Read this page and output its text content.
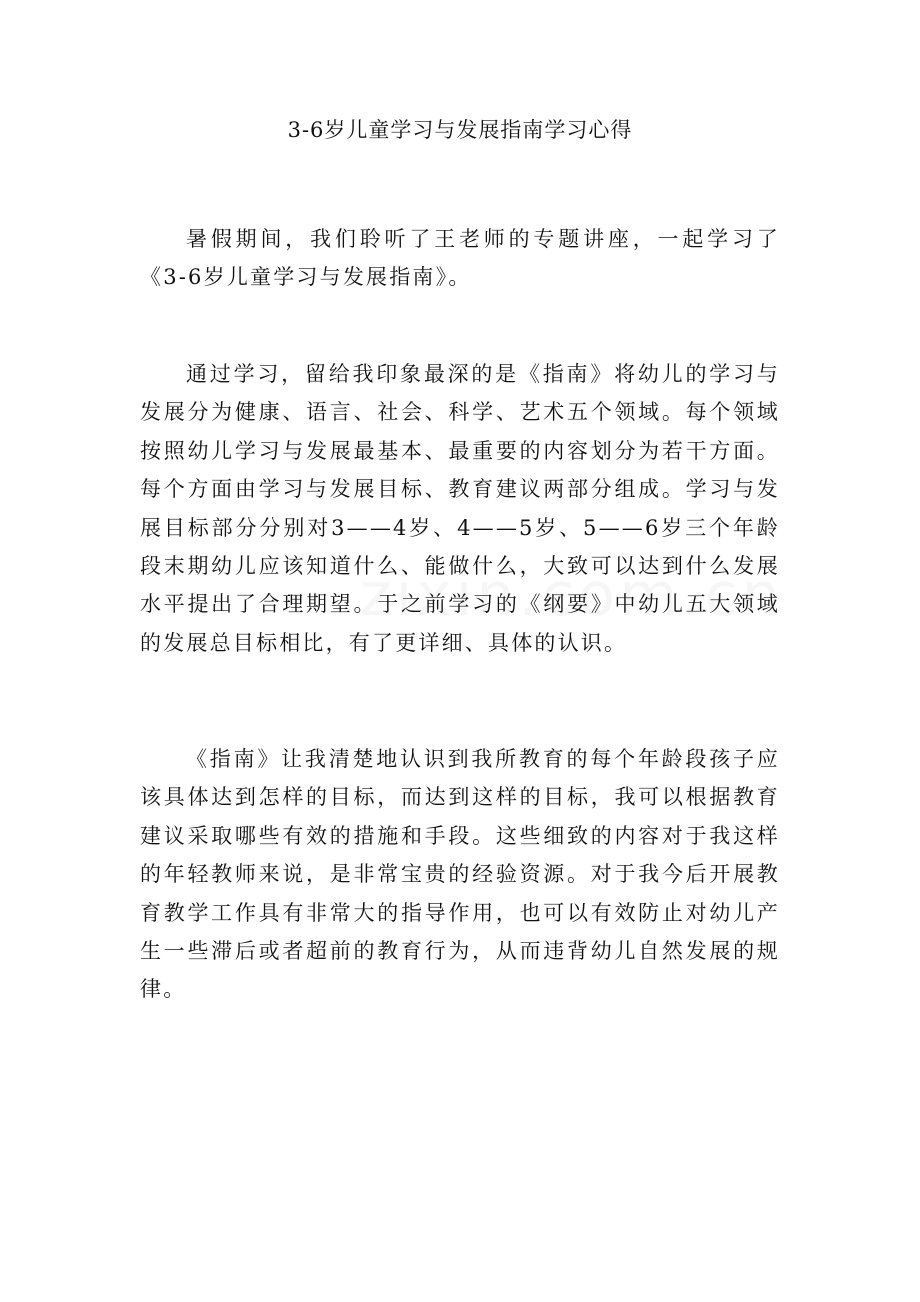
3-6岁儿童学习与发展指南学习心得

暑假期间，我们聆听了王老师的专题讲座，一起学习了《3-6岁儿童学习与发展指南》。

通过学习，留给我印象最深的是《指南》将幼儿的学习与发展分为健康、语言、社会、科学、艺术五个领域。每个领域按照幼儿学习与发展最基本、最重要的内容划分为若干方面。每个方面由学习与发展目标、教育建议两部分组成。学习与发展目标部分分别对3——4岁、4——5岁、5——6岁三个年龄段末期幼儿应该知道什么、能做什么，大致可以达到什么发展水平提出了合理期望。于之前学习的《纲要》中幼儿五大领域的发展总目标相比，有了更详细、具体的认识。

《指南》让我清楚地认识到我所教育的每个年龄段孩子应该具体达到怎样的目标，而达到这样的目标，我可以根据教育建议采取哪些有效的措施和手段。这些细致的内容对于我这样的年轻教师来说，是非常宝贵的经验资源。对于我今后开展教育教学工作具有非常大的指导作用，也可以有效防止对幼儿产生一些滞后或者超前的教育行为，从而违背幼儿自然发展的规律。
